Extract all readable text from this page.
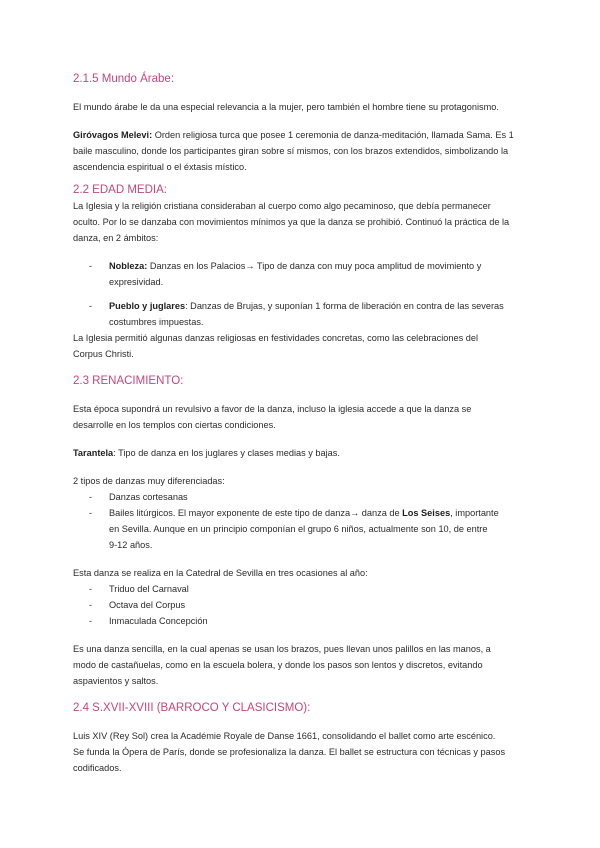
2.1.5 Mundo Árabe:

El mundo árabe le da una especial relevancia a la mujer, pero también el hombre tiene su protagonismo.

Giróvagos Melevi: Orden religiosa turca que posee 1 ceremonia de danza-meditación, llamada Sama. Es 1
baile masculino, donde los participantes giran sobre sí mismos, con los brazos extendidos, simbolizando la
ascendencia espiritual o el éxtasis místico.

2.2 EDAD MEDIA:

La Iglesia y la religión cristiana consideraban al cuerpo como algo pecaminoso, que debía permanecer
oculto. Por lo se danzaba con movimientos mínimos ya que la danza se prohibió. Continuó la práctica de la
danza, en 2 ámbitos:

- Nobleza: Danzas en los Palacios→ Tipo de danza con muy poca amplitud de movimiento y
expresividad.
- Pueblo y juglares: Danzas de Brujas, y suponían 1 forma de liberación en contra de las severas
costumbres impuestas.

La Iglesia permitió algunas danzas religiosas en festividades concretas, como las celebraciones del
Corpus Christi.

2.3 RENACIMIENTO:

Esta época supondrá un revulsivo a favor de la danza, incluso la iglesia accede a que la danza se
desarrolle en los templos con ciertas condiciones.

Tarantela: Tipo de danza en los juglares y clases medias y bajas.

2 tipos de danzas muy diferenciadas:

- Danzas cortesanas
- Bailes litúrgicos. El mayor exponente de este tipo de danza→ danza de Los Seises, importante
en Sevilla. Aunque en un principio componían el grupo 6 niños, actualmente son 10, de entre
9-12 años.

Esta danza se realiza en la Catedral de Sevilla en tres ocasiones al año:

- Triduo del Carnaval
- Octava del Corpus
- Inmaculada Concepción

Es una danza sencilla, en la cual apenas se usan los brazos, pues llevan unos palillos en las manos, a
modo de castañuelas, como en la escuela bolera, y donde los pasos son lentos y discretos, evitando
aspavientos y saltos.

2.4 S.XVII-XVIII (BARROCO Y CLASICISMO):

Luis XIV (Rey Sol) crea la Académie Royale de Danse 1661, consolidando el ballet como arte escénico.
Se funda la Ópera de París, donde se profesionaliza la danza. El ballet se estructura con técnicas y pasos
codificados.
